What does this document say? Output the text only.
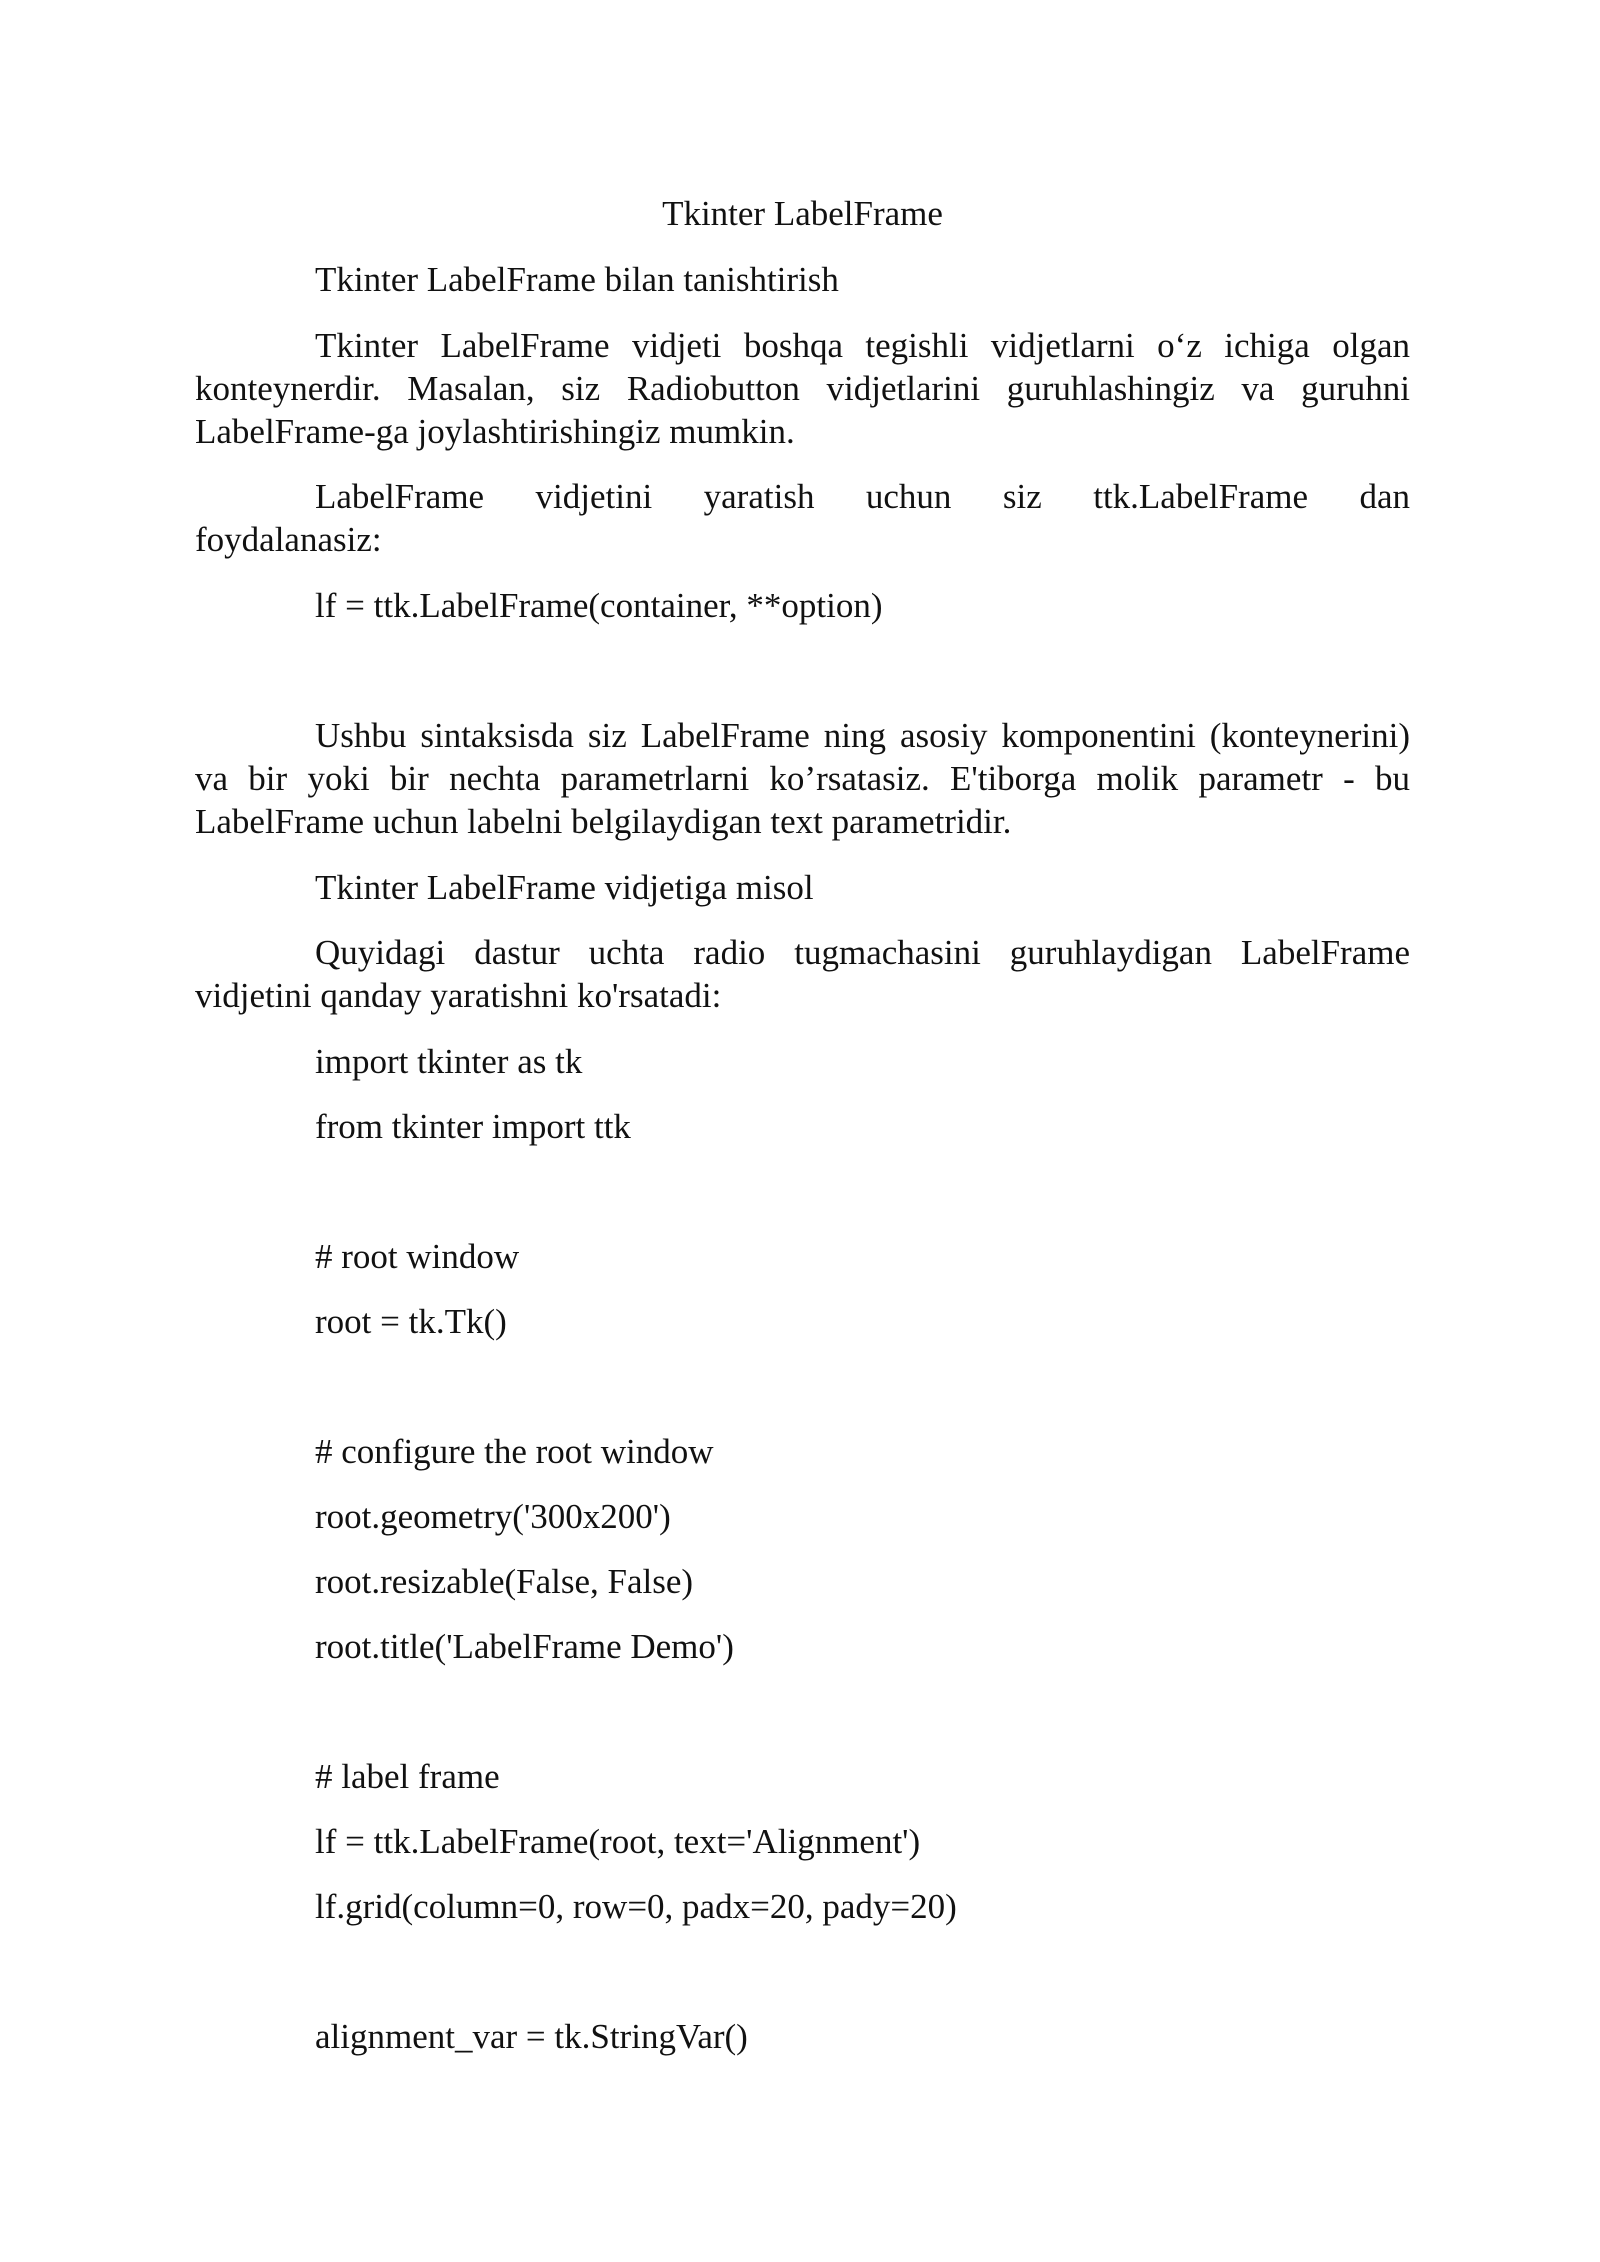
Tkinter LabelFrame

Tkinter LabelFrame bilan tanishtirish

Tkinter LabelFrame vidjeti boshqa tegishli vidjetlarni o‘z ichiga olgan konteynerdir. Masalan, siz Radiobutton vidjetlarini guruhlashingiz va guruhni LabelFrame-ga joylashtirishingiz mumkin.

LabelFrame vidjetini yaratish uchun siz ttk.LabelFrame dan

foydalanasiz:

lf = ttk.LabelFrame(container, **option)

Ushbu sintaksisda siz LabelFrame ning asosiy komponentini (konteynerini) va bir yoki bir nechta parametrlarni ko’rsatasiz. E'tiborga molik parametr - bu LabelFrame uchun labelni belgilaydigan text parametridir.

Tkinter LabelFrame vidjetiga misol

Quyidagi dastur uchta radio tugmachasini guruhlaydigan LabelFrame vidjetini qanday yaratishni ko'rsatadi:

import tkinter as tk

from tkinter import ttk

# root window

root = tk.Tk()

# configure the root window

root.geometry('300x200')

root.resizable(False, False)

root.title('LabelFrame Demo')

# label frame

lf = ttk.LabelFrame(root, text='Alignment')

lf.grid(column=0, row=0, padx=20, pady=20)

alignment_var = tk.StringVar()
